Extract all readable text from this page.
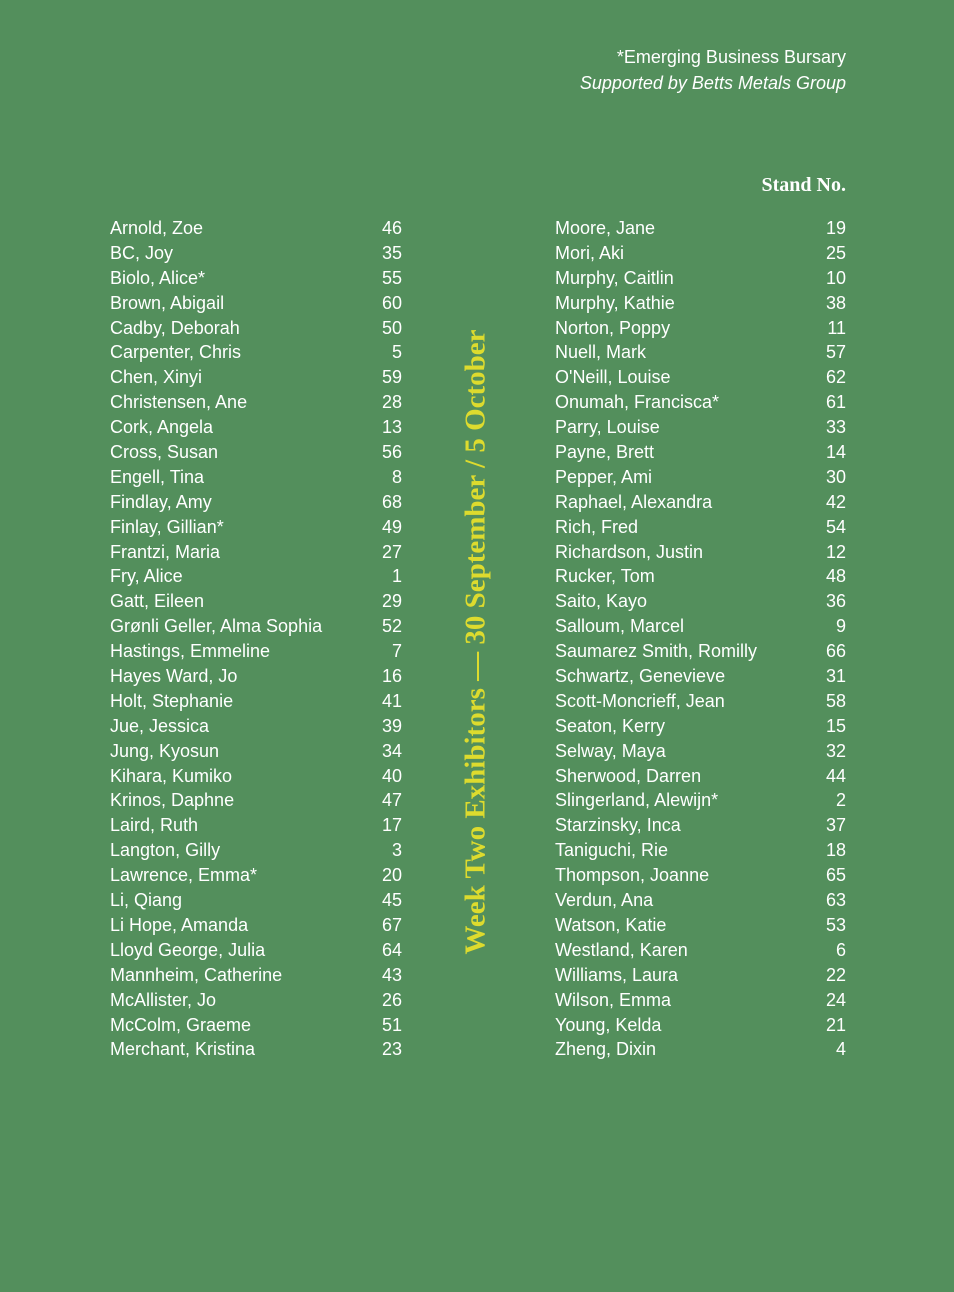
*Emerging Business Bursary
Supported by Betts Metals Group
Stand No.
Arnold, Zoe	46
BC, Joy	35
Biolo, Alice*	55
Brown, Abigail	60
Cadby, Deborah	50
Carpenter, Chris	5
Chen, Xinyi	59
Christensen, Ane	28
Cork, Angela	13
Cross, Susan	56
Engell, Tina	8
Findlay, Amy	68
Finlay, Gillian*	49
Frantzi, Maria	27
Fry, Alice	1
Gatt, Eileen	29
Grønli Geller, Alma Sophia	52
Hastings, Emmeline	7
Hayes Ward, Jo	16
Holt, Stephanie	41
Jue, Jessica	39
Jung, Kyosun	34
Kihara, Kumiko	40
Krinos, Daphne	47
Laird, Ruth	17
Langton, Gilly	3
Lawrence, Emma*	20
Li, Qiang	45
Li Hope, Amanda	67
Lloyd George, Julia	64
Mannheim, Catherine	43
McAllister, Jo	26
McColm, Graeme	51
Merchant, Kristina	23
Week Two Exhibitors — 30 September / 5 October
Moore, Jane	19
Mori, Aki	25
Murphy, Caitlin	10
Murphy, Kathie	38
Norton, Poppy	11
Nuell, Mark	57
O'Neill, Louise	62
Onumah, Francisca*	61
Parry, Louise	33
Payne, Brett	14
Pepper, Ami	30
Raphael, Alexandra	42
Rich, Fred	54
Richardson, Justin	12
Rucker, Tom	48
Saito, Kayo	36
Salloum, Marcel	9
Saumarez Smith, Romilly	66
Schwartz, Genevieve	31
Scott-Moncrieff, Jean	58
Seaton, Kerry	15
Selway, Maya	32
Sherwood, Darren	44
Slingerland, Alewijn*	2
Starzinsky, Inca	37
Taniguchi, Rie	18
Thompson, Joanne	65
Verdun, Ana	63
Watson, Katie	53
Westland, Karen	6
Williams, Laura	22
Wilson, Emma	24
Young, Kelda	21
Zheng, Dixin	4
